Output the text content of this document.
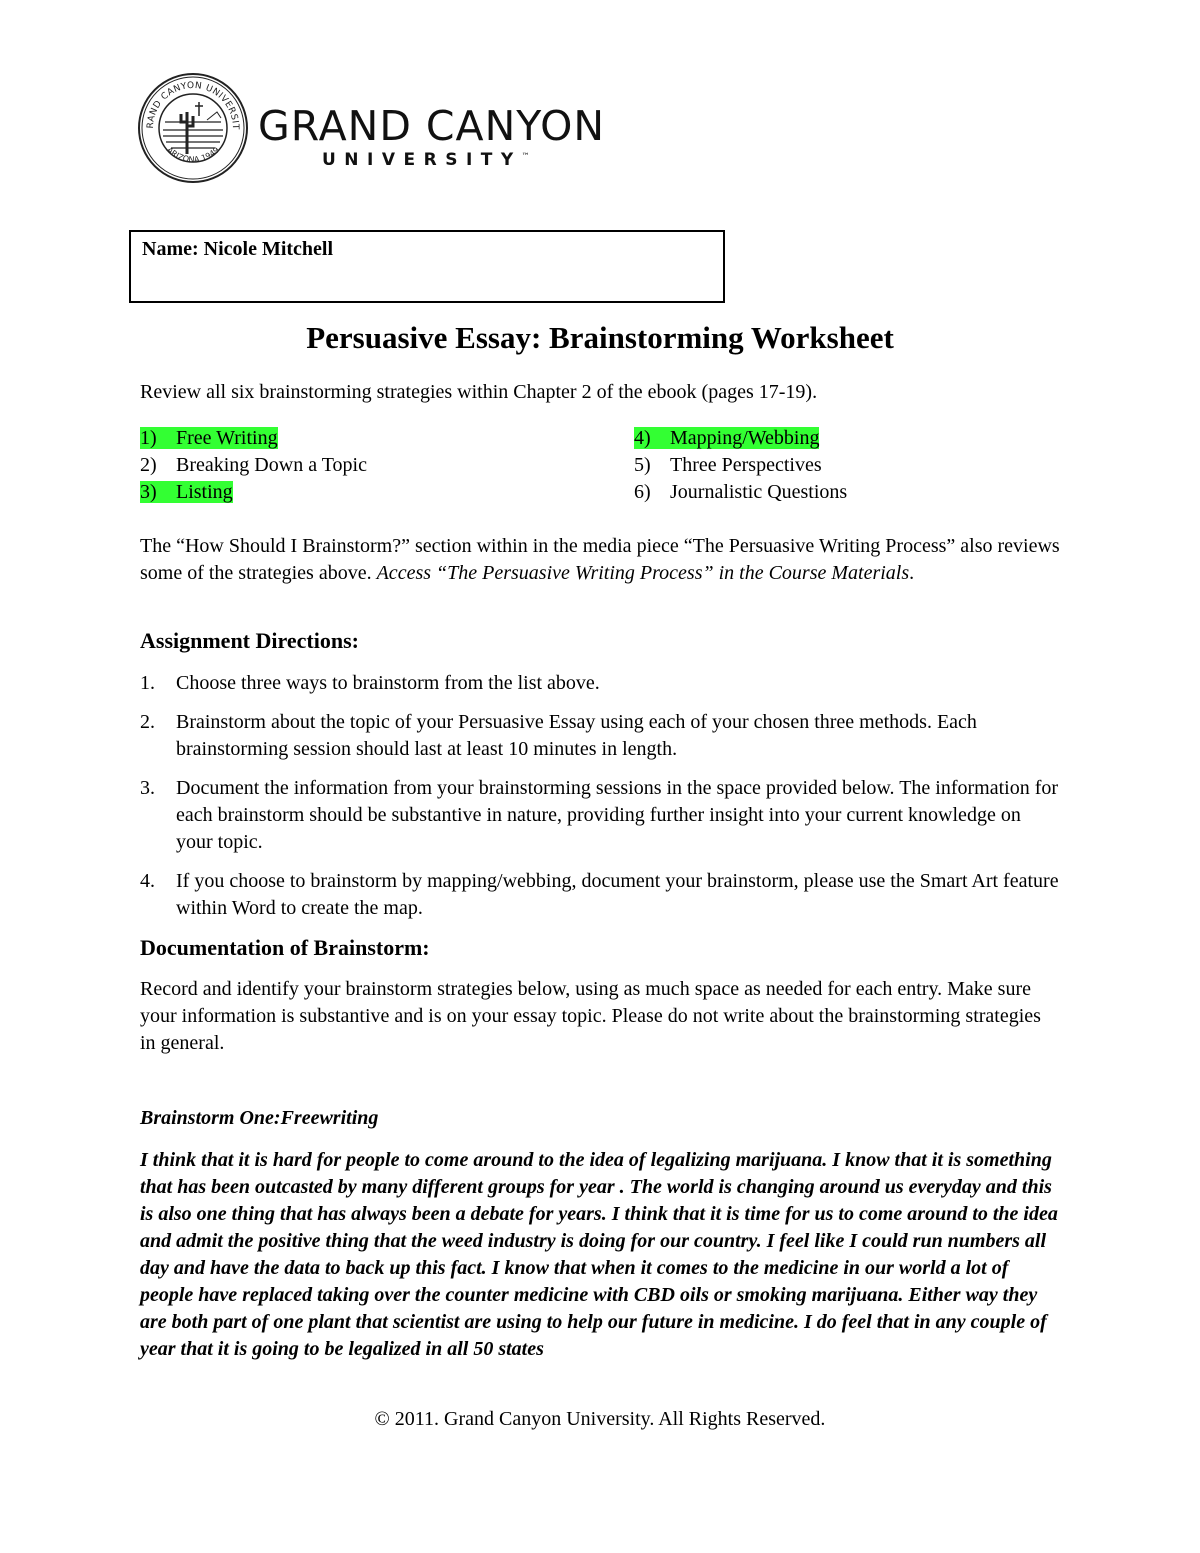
RAND CANYON UNIVERSIT
ARIZONA 1949
GRAND CANYON
UNIVERSITY™
Name: Nicole Mitchell
Persuasive Essay: Brainstorming Worksheet
Review all six brainstorming strategies within Chapter 2 of the ebook (pages 17-19).
1) Free Writing
2) Breaking Down a Topic
3) Listing
4) Mapping/Webbing
5) Three Perspectives
6) Journalistic Questions
The “How Should I Brainstorm?” section within in the media piece “The Persuasive Writing Process” also reviews some of the strategies above. Access “The Persuasive Writing Process” in the Course Materials.
Assignment Directions:
1. Choose three ways to brainstorm from the list above.
2. Brainstorm about the topic of your Persuasive Essay using each of your chosen three methods. Each brainstorming session should last at least 10 minutes in length.
3. Document the information from your brainstorming sessions in the space provided below. The information for each brainstorm should be substantive in nature, providing further insight into your current knowledge on your topic.
4. If you choose to brainstorm by mapping/webbing, document your brainstorm, please use the Smart Art feature within Word to create the map.
Documentation of Brainstorm:
Record and identify your brainstorm strategies below, using as much space as needed for each entry. Make sure your information is substantive and is on your essay topic. Please do not write about the brainstorming strategies in general.
Brainstorm One:Freewriting
I think that it is hard for people to come around to the idea of legalizing marijuana. I know that it is something that has been outcasted by many different groups for year . The world is changing around us everyday and this is also one thing that has always been a debate for years. I think that it is time for us to come around to the idea and admit the positive thing that the weed industry is doing for our country. I feel like I could run numbers all day and have the data to back up this fact. I know that when it comes to the medicine in our world a lot of people have replaced taking over the counter medicine with CBD oils or smoking marijuana. Either way they are both part of one plant that scientist are using to help our future in medicine. I do feel that in any couple of year that it is going to be legalized in all 50 states
© 2011. Grand Canyon University. All Rights Reserved.
